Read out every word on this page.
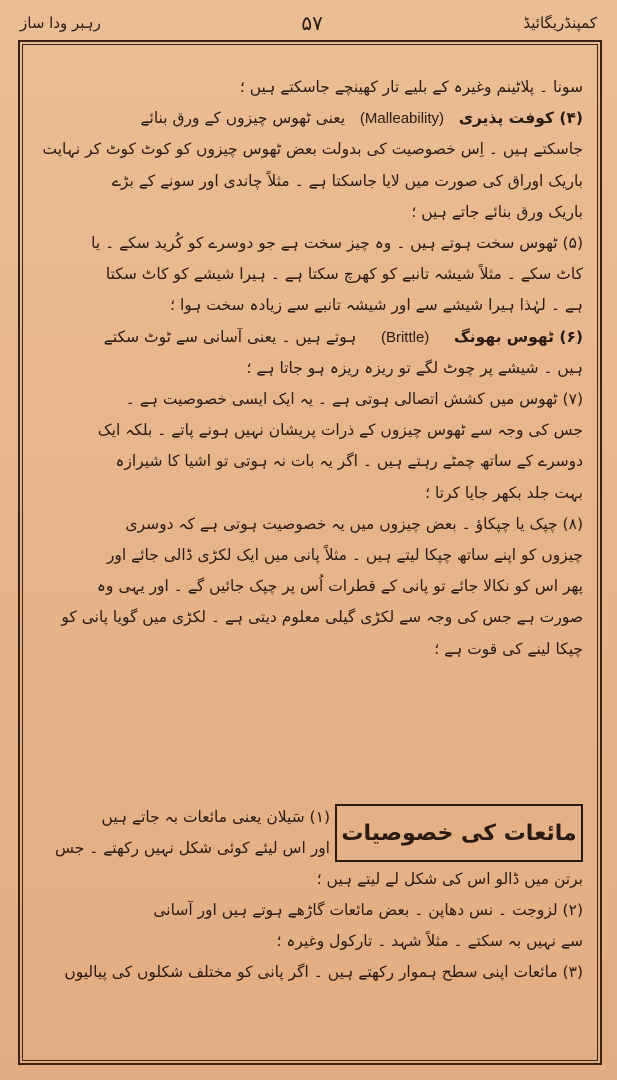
کمپنڈریگائیڈ
۵۷
رہبر ودا ساز

سونا ۔ پلاٹینم وغیرہ کے بلیے تار کھینچے جاسکتے ہیں ؛

(۴) کوفت پذیری   (Malleability)   یعنی ٹھوس چیزوں کے ورق بنائے

جاسکتے ہیں ۔ اِس خصوصیت کی بدولت بعض ٹھوس چیزوں کو کوٹ کوٹ کر نہایت

باریک اوراق کی صورت میں لایا جاسکتا ہے ۔ مثلاً چاندی اور سونے کے بڑے

باریک ورق بنائے جاتے ہیں ؛

(۵) ٹھوس سخت ہوتے ہیں ۔ وہ چیز سخت ہے جو دوسرے کو کُرید سکے ۔ یا

کاٹ سکے ۔ مثلاً شیشہ تانبے کو کھرچ سکتا ہے ۔ ہیرا شیشے کو کاٹ سکتا

ہے ۔ لہٰذا ہیرا شیشے سے اور شیشہ تانبے سے زیادہ سخت ہوا ؛

(۶) ٹھوس بھونگ     (Brittle)     ہوتے ہیں ۔ یعنی آسانی سے ٹوٹ سکتے

ہیں ۔ شیشے پر چوٹ لگے تو ریزہ ریزہ ہو جاتا ہے ؛

(۷) ٹھوس میں کشش اتصالی ہوتی ہے ۔ یہ ایک ایسی خصوصیت ہے ۔

جس کی وجہ سے ٹھوس چیزوں کے ذرات پریشان نہیں ہونے پاتے ۔ بلکہ ایک

دوسرے کے ساتھ چمٹے رہتے ہیں ۔ اگر یہ بات نہ ہوتی تو اشیا کا شیرازہ

بہت جلد بکھر جایا کرتا ؛

(۸) چپک یا چپکاؤ ۔ بعض چیزوں میں یہ خصوصیت ہوتی ہے کہ دوسری

چیزوں کو اپنے ساتھ چپکا لیتے ہیں ۔ مثلاً پانی میں ایک لکڑی ڈالی جائے اور

پھر اس کو نکالا جائے تو پانی کے قطرات اُس پر چپک جائیں گے ۔ اور یہی وہ

صورت ہے جس کی وجہ سے لکڑی گیلی معلوم دیتی ہے ۔ لکڑی میں گویا پانی کو

چپکا لینے کی قوت ہے ؛

مائعات کی خصوصیات

(۱) سَیلان یعنی مائعات بہ جاتے ہیں

اور اس لیئے کوئی شکل نہیں رکھتے ۔ جس

برتن میں ڈالو اس کی شکل لے لیتے ہیں ؛

(۲) لزوجت ۔ نس دھاپن ۔ بعض مائعات گاڑھے ہوتے ہیں اور آسانی

سے نہیں بہ سکتے ۔ مثلاً شہد ۔ تارکول وغیرہ ؛

(۳) مائعات اپنی سطح ہموار رکھتے ہیں ۔ اگر پانی کو مختلف شکلوں کی پیالیوں
